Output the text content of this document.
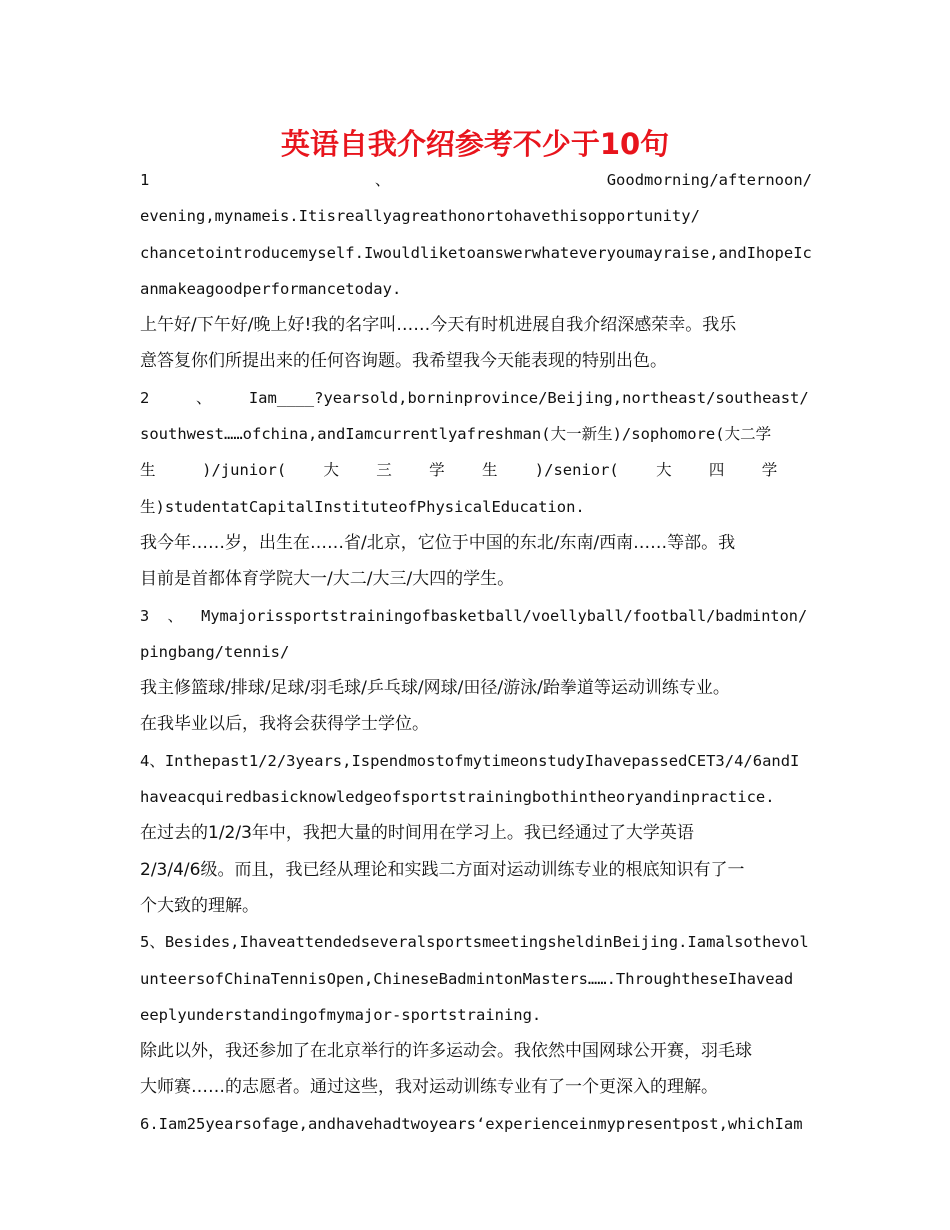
英语自我介绍参考不少于10句
1                       、                      Goodmorning/afternoon/
evening,mynameis.Itisreallyagreathonortohavethisopportunity/
chancetointroducemyself.Iwouldliketoanswerwhateveryoumayraise,andIhopeIc
anmakeagoodperformancetoday.
上午好/下午好/晚上好!我的名字叫……今天有时机进展自我介绍深感荣幸。我乐
意答复你们所提出来的任何咨询题。我希望我今天能表现的特别出色。
2     、    Iam____?yearsold,borninprovince/Beijing,northeast/southeast/
southwest……ofchina,andIamcurrentlyafreshman(大一新生)/sophomore(大二学
生     )/junior(    大    三    学    生    )/senior(    大    四    学
生)studentatCapitalInstituteofPhysicalEducation.
我今年……岁，出生在……省/北京，它位于中国的东北/东南/西南……等部。我
目前是首都体育学院大一/大二/大三/大四的学生。
3  、  Mymajorissportstrainingofbasketball/voellyball/football/badminton/
pingbang/tennis/
我主修篮球/排球/足球/羽毛球/乒乓球/网球/田径/游泳/跆拳道等运动训练专业。
在我毕业以后，我将会获得学士学位。
4、Inthepast1/2/3years,IspendmostofmytimeonstudyIhavepassedCET3/4/6andI
haveacquiredbasicknowledgeofsportstrainingbothintheoryandinpractice.
在过去的1/2/3年中，我把大量的时间用在学习上。我已经通过了大学英语
2/3/4/6级。而且，我已经从理论和实践二方面对运动训练专业的根底知识有了一
个大致的理解。
5、Besides,IhaveattendedseveralsportsmeetingsheldinBeijing.Iamalsothevol
unteersofChinaTennisOpen,ChineseBadmintonMasters…….ThroughtheseIhavead
eeplyunderstandingofmymajor-sportstraining.
除此以外，我还参加了在北京举行的许多运动会。我依然中国网球公开赛，羽毛球
大师赛……的志愿者。通过这些，我对运动训练专业有了一个更深入的理解。
6.Iam25yearsofage,andhavehadtwoyears‘experienceinmypresentpost,whichIam
